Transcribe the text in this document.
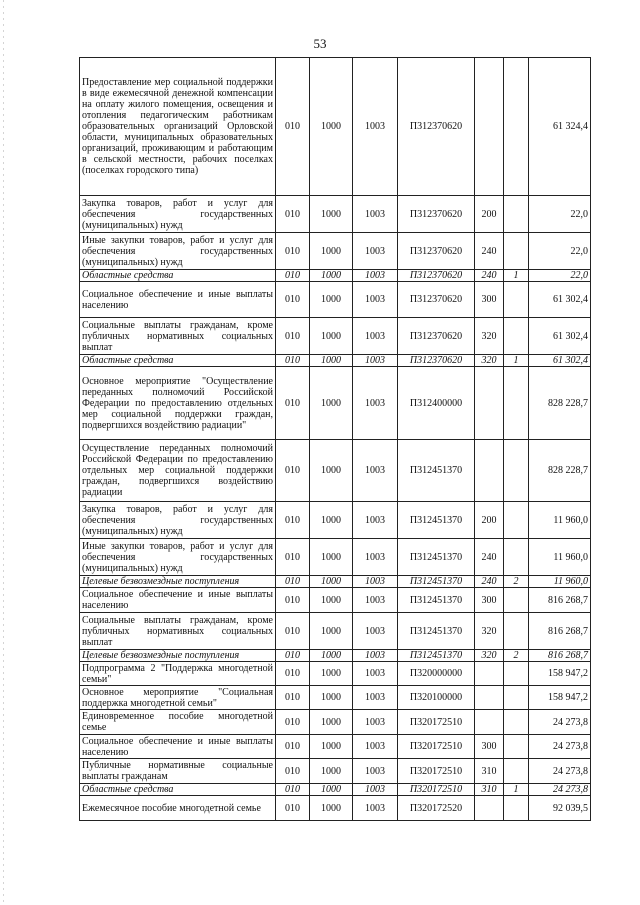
53
Предоставление мер социальной поддержки в виде ежемесячной денежной компенсации на оплату жилого помещения, освещения и отопления педагогическим работникам образовательных организаций Орловской области, муниципальных образовательных организаций, проживающим и работающим в сельской местности, рабочих поселках (поселках городского типа)	010	1000	1003	П312370620			61 324,4
Закупка товаров, работ и услуг для обеспечения государственных (муниципальных) нужд	010	1000	1003	П312370620	200		22,0
Иные закупки товаров, работ и услуг для обеспечения государственных (муниципальных) нужд	010	1000	1003	П312370620	240		22,0
Областные средства	010	1000	1003	П312370620	240	1	22,0
Социальное обеспечение и иные выплаты населению	010	1000	1003	П312370620	300		61 302,4
Социальные выплаты гражданам, кроме публичных нормативных социальных выплат	010	1000	1003	П312370620	320		61 302,4
Областные средства	010	1000	1003	П312370620	320	1	61 302,4
Основное мероприятие "Осуществление переданных полномочий Российской Федерации по предоставлению отдельных мер социальной поддержки граждан, подвергшихся воздействию радиации"	010	1000	1003	П312400000			828 228,7
Осуществление переданных полномочий Российской Федерации по предоставлению отдельных мер социальной поддержки граждан, подвергшихся воздействию радиации	010	1000	1003	П312451370			828 228,7
Закупка товаров, работ и услуг для обеспечения государственных (муниципальных) нужд	010	1000	1003	П312451370	200		11 960,0
Иные закупки товаров, работ и услуг для обеспечения государственных (муниципальных) нужд	010	1000	1003	П312451370	240		11 960,0
Целевые безвозмездные поступления	010	1000	1003	П312451370	240	2	11 960,0
Социальное обеспечение и иные выплаты населению	010	1000	1003	П312451370	300		816 268,7
Социальные выплаты гражданам, кроме публичных нормативных социальных выплат	010	1000	1003	П312451370	320		816 268,7
Целевые безвозмездные поступления	010	1000	1003	П312451370	320	2	816 268,7
Подпрограмма 2 "Поддержка многодетной семьи"	010	1000	1003	П320000000			158 947,2
Основное мероприятие "Социальная поддержка многодетной семьи"	010	1000	1003	П320100000			158 947,2
Единовременное пособие многодетной семье	010	1000	1003	П320172510			24 273,8
Социальное обеспечение и иные выплаты населению	010	1000	1003	П320172510	300		24 273,8
Публичные нормативные социальные выплаты гражданам	010	1000	1003	П320172510	310		24 273,8
Областные средства	010	1000	1003	П320172510	310	1	24 273,8
Ежемесячное пособие многодетной семье	010	1000	1003	П320172520			92 039,5
